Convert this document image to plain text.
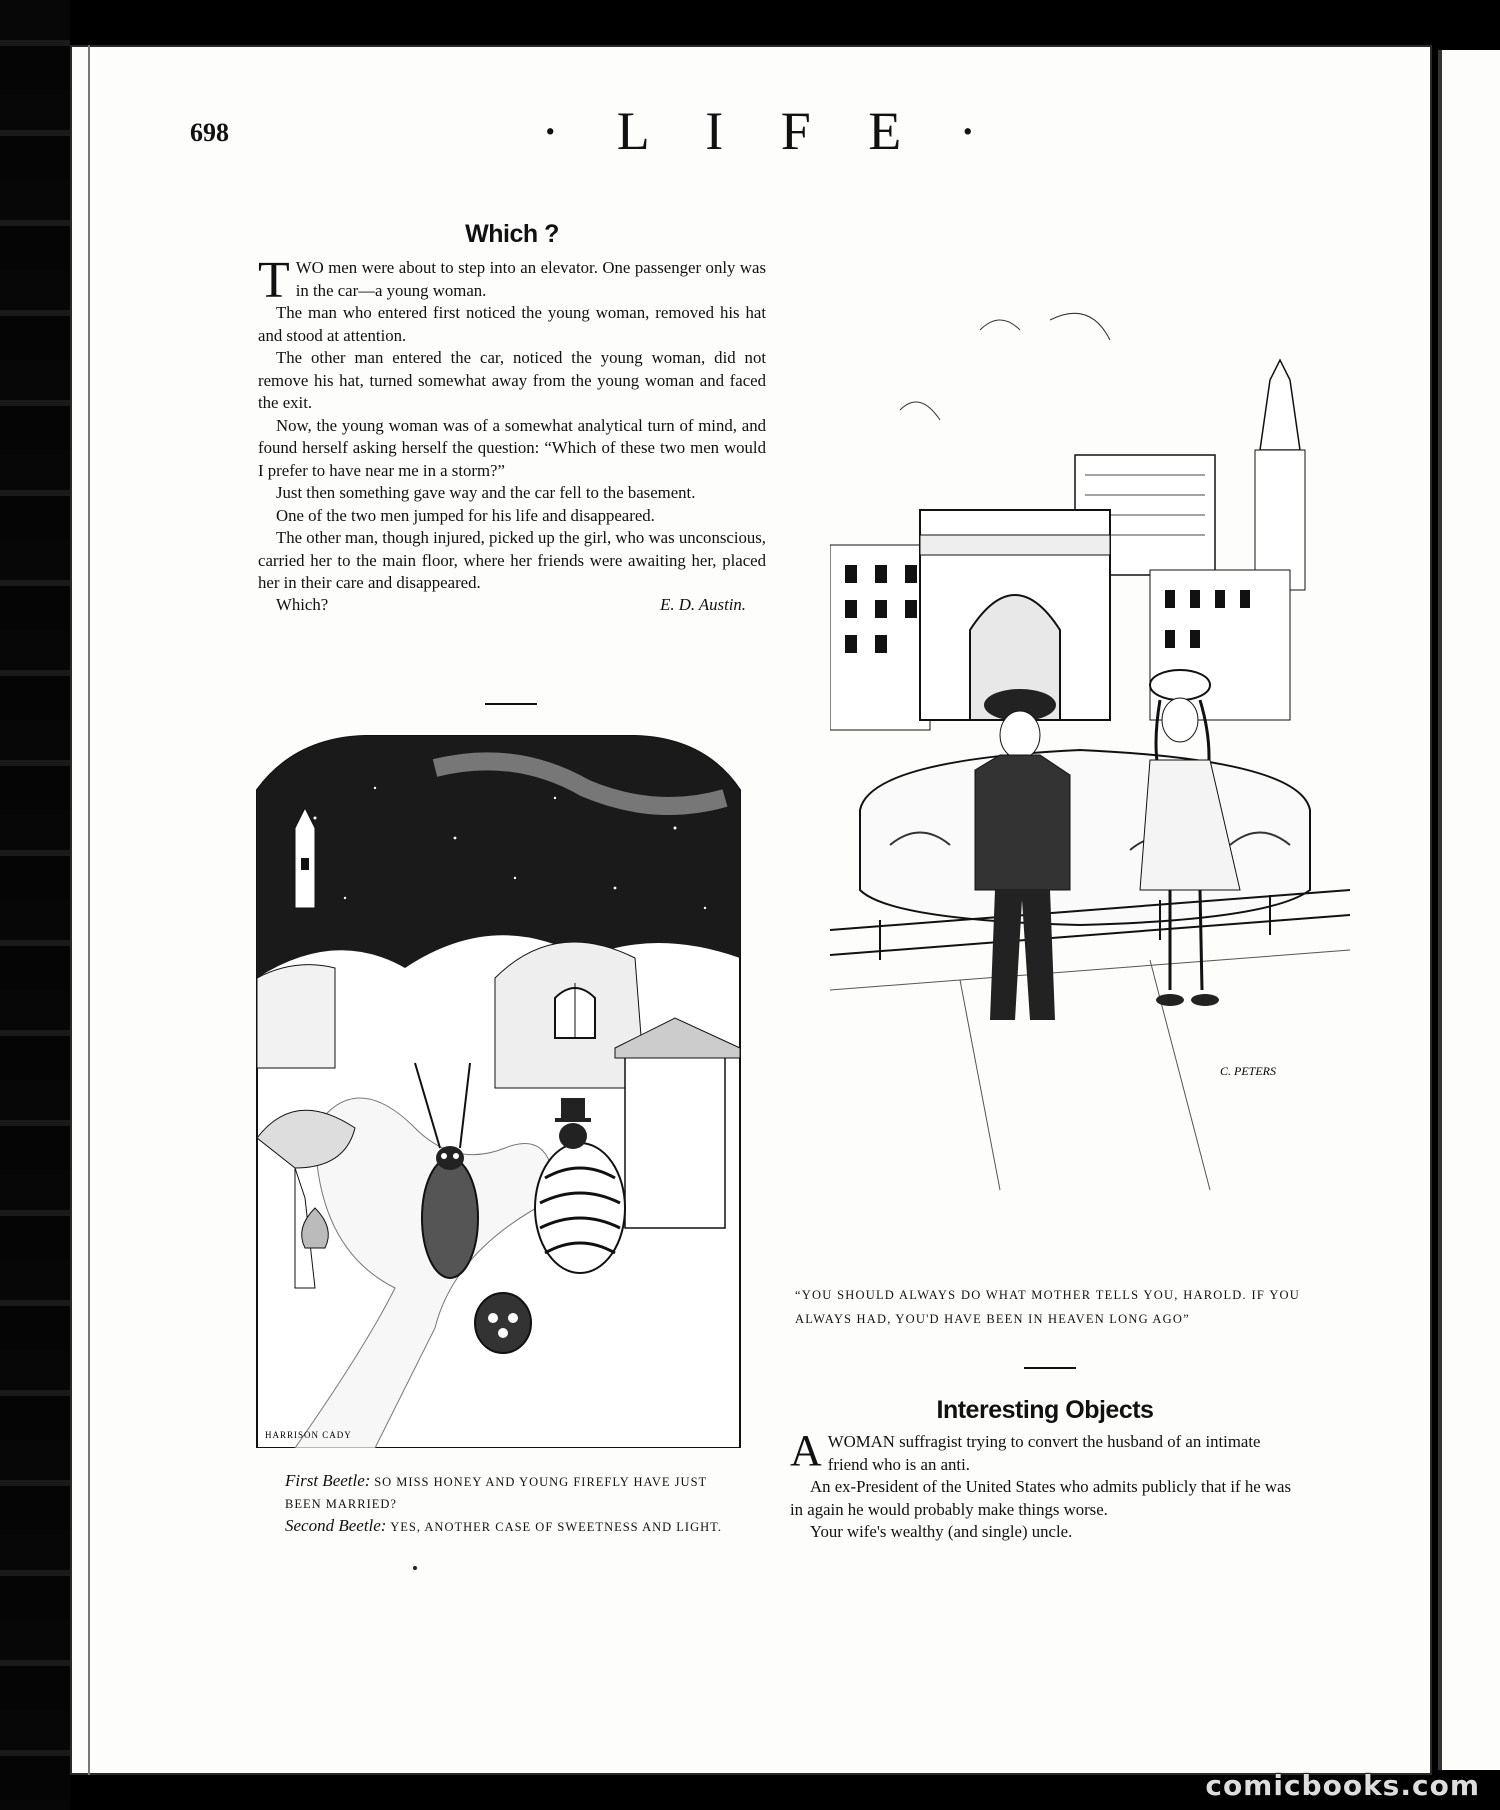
698	· L I F E ·
Which ?

TWO men were about to step into an elevator. One passenger only was in the car—a young woman.

The man who entered first noticed the young woman, removed his hat and stood at attention.

The other man entered the car, noticed the young woman, did not remove his hat, turned somewhat away from the young woman and faced the exit.

Now, the young woman was of a somewhat analytical turn of mind, and found herself asking herself the question: “Which of these two men would I prefer to have near me in a storm?”

Just then something gave way and the car fell to the basement.

One of the two men jumped for his life and disappeared.

The other man, though injured, picked up the girl, who was unconscious, carried her to the main floor, where her friends were awaiting her, placed her in their care and disappeared.

Which?	E. D. Austin.
HARRISON CADY
First Beetle: SO MISS HONEY AND YOUNG FIREFLY HAVE JUST BEEN MARRIED?
Second Beetle: YES, ANOTHER CASE OF SWEETNESS AND LIGHT.
C. PETERS
“YOU SHOULD ALWAYS DO WHAT MOTHER TELLS YOU, HAROLD. IF YOU ALWAYS HAD, YOU'D HAVE BEEN IN HEAVEN LONG AGO”
Interesting Objects

AWOMAN suffragist trying to convert the husband of an intimate friend who is an anti.

An ex-President of the United States who admits publicly that if he was in again he would probably make things worse.

Your wife's wealthy (and single) uncle.

comicbooks.com
